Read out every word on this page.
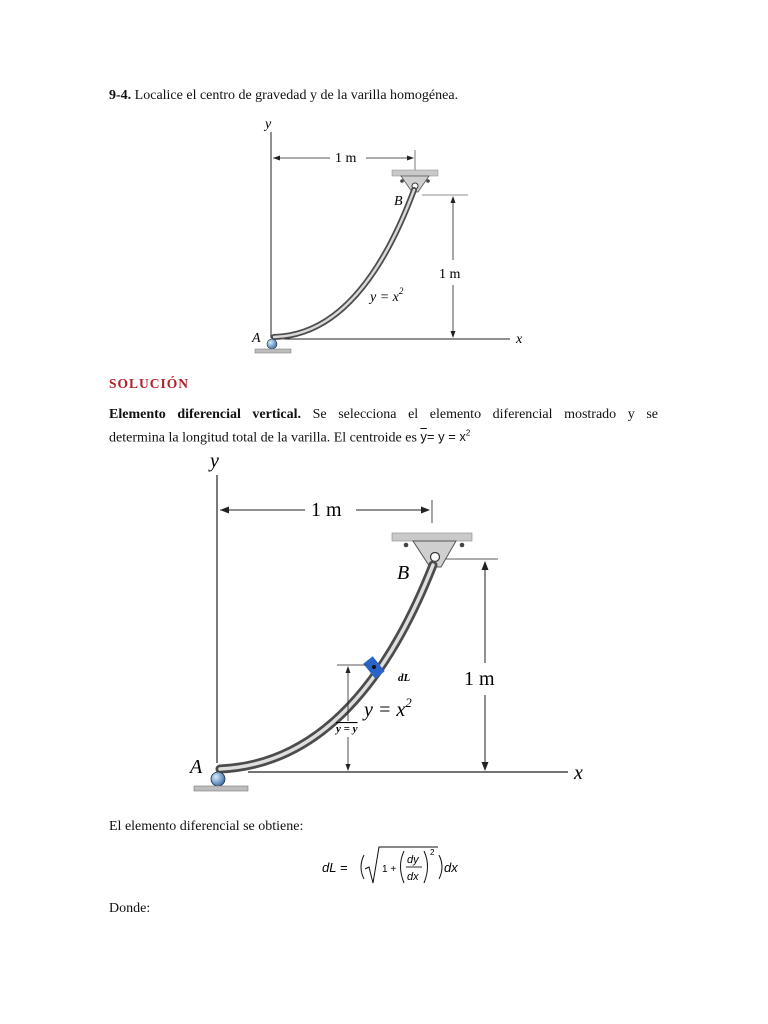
9-4. Localice el centro de gravedad y de la varilla homogénea.
y
x
1 m
1 m
B
A
$y = x^2$
SOLUCIÓN
Elemento diferencial vertical. Se selecciona el elemento diferencial mostrado y se
determina la longitud total de la varilla. El centroide es $\overline{y}= y = x^2$
y
x
1 m
1 m
B
dL
y = y
A
$y = x^2$
El elemento diferencial se obtiene:
dL =	1 +
dy
dx
2
dx
Donde:
